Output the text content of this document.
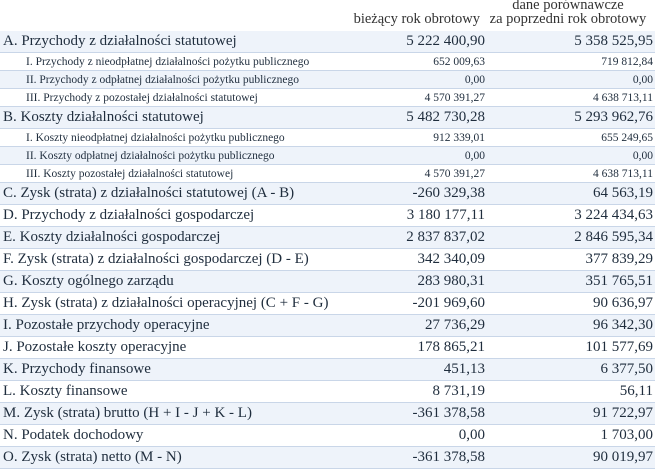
bieżący rok obrotowy
dane porównawcze
za poprzedni rok obrotowy
A. Przychody z działalności statutowej	5 222 400,90	5 358 525,95
I. Przychody z nieodpłatnej działalności pożytku publicznego	652 009,63	719 812,84
II. Przychody z odpłatnej działalności pożytku publicznego	0,00	0,00
III. Przychody z pozostałej działalności statutowej	4 570 391,27	4 638 713,11
B. Koszty działalności statutowej	5 482 730,28	5 293 962,76
I. Koszty nieodpłatnej działalności pożytku publicznego	912 339,01	655 249,65
II. Koszty odpłatnej działalności pożytku publicznego	0,00	0,00
III. Koszty pozostałej działalności statutowej	4 570 391,27	4 638 713,11
C. Zysk (strata) z działalności statutowej (A - B)	-260 329,38	64 563,19
D. Przychody z działalności gospodarczej	3 180 177,11	3 224 434,63
E. Koszty działalności gospodarczej	2 837 837,02	2 846 595,34
F. Zysk (strata) z działalności gospodarczej (D - E)	342 340,09	377 839,29
G. Koszty ogólnego zarządu	283 980,31	351 765,51
H. Zysk (strata) z działalności operacyjnej (C + F - G)	-201 969,60	90 636,97
I. Pozostałe przychody operacyjne	27 736,29	96 342,30
J. Pozostałe koszty operacyjne	178 865,21	101 577,69
K. Przychody finansowe	451,13	6 377,50
L. Koszty finansowe	8 731,19	56,11
M. Zysk (strata) brutto (H + I - J + K - L)	-361 378,58	91 722,97
N. Podatek dochodowy	0,00	1 703,00
O. Zysk (strata) netto (M - N)	-361 378,58	90 019,97
